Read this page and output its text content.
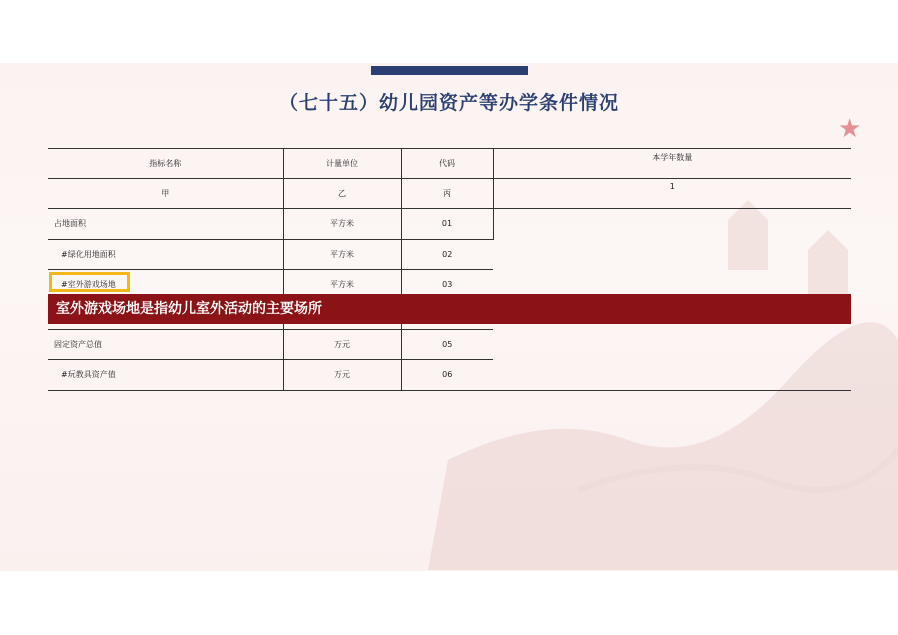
（七十五）幼儿园资产等办学条件情况
★
指标名称	计量单位	代码	本学年数量
甲	乙	丙	1
占地面积	平方米	01	
#绿化用地面积	平方米	02	
#室外游戏场地	平方米	03	

固定资产总值	万元	05	
#玩教具资产值	万元	06	
室外游戏场地是指幼儿室外活动的主要场所
